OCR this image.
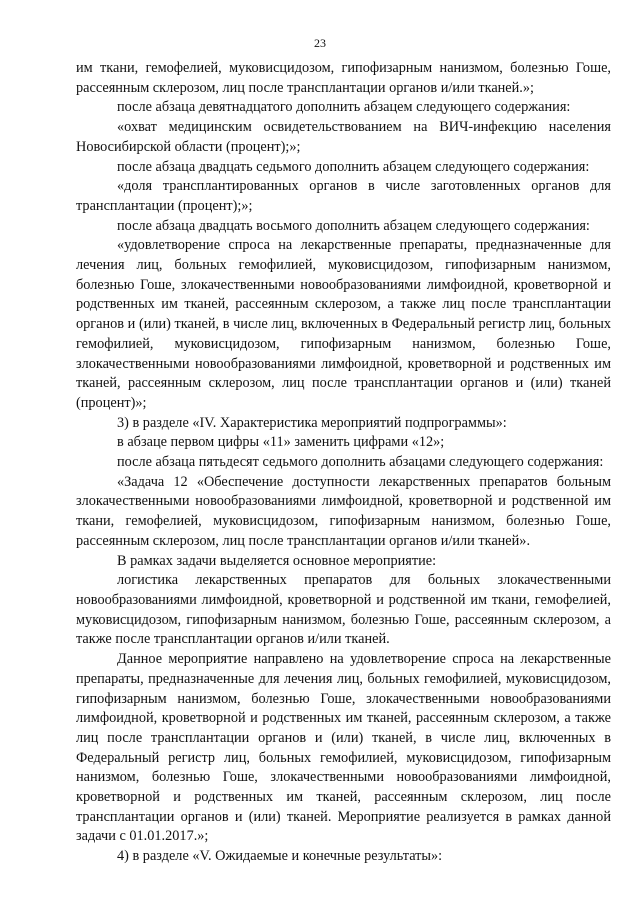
23

им ткани, гемофелией, муковисцидозом, гипофизарным нанизмом, болезнью Гоше, рассеянным склерозом, лиц после трансплантации органов и/или тканей.»;

после абзаца девятнадцатого дополнить абзацем следующего содержания:

«охват медицинским освидетельствованием на ВИЧ-инфекцию населения Новосибирской области (процент);»;

после абзаца двадцать седьмого дополнить абзацем следующего содержания:

«доля трансплантированных органов в числе заготовленных органов для трансплантации (процент);»;

после абзаца двадцать восьмого дополнить абзацем следующего содержания:

«удовлетворение спроса на лекарственные препараты, предназначенные для лечения лиц, больных гемофилией, муковисцидозом, гипофизарным нанизмом, болезнью Гоше, злокачественными новообразованиями лимфоидной, кроветворной и родственных им тканей, рассеянным склерозом, а также лиц после трансплантации органов и (или) тканей, в числе лиц, включенных в Федеральный регистр лиц, больных гемофилией, муковисцидозом, гипофизарным нанизмом, болезнью Гоше, злокачественными новообразованиями лимфоидной, кроветворной и родственных им тканей, рассеянным склерозом, лиц после трансплантации органов и (или) тканей (процент)»;

3) в разделе «IV. Характеристика мероприятий подпрограммы»:

в абзаце первом цифры «11» заменить цифрами «12»;

после абзаца пятьдесят седьмого дополнить абзацами следующего содержания:

«Задача 12 «Обеспечение доступности лекарственных препаратов больным злокачественными новообразованиями лимфоидной, кроветворной и родственной им ткани, гемофелией, муковисцидозом, гипофизарным нанизмом, болезнью Гоше, рассеянным склерозом, лиц после трансплантации органов и/или тканей».

В рамках задачи выделяется основное мероприятие:

логистика лекарственных препаратов для больных злокачественными новообразованиями лимфоидной, кроветворной и родственной им ткани, гемофелией, муковисцидозом, гипофизарным нанизмом, болезнью Гоше, рассеянным склерозом, а также после трансплантации органов и/или тканей.

Данное мероприятие направлено на удовлетворение спроса на лекарственные препараты, предназначенные для лечения лиц, больных гемофилией, муковисцидозом, гипофизарным нанизмом, болезнью Гоше, злокачественными новообразованиями лимфоидной, кроветворной и родственных им тканей, рассеянным склерозом, а также лиц после трансплантации органов и (или) тканей, в числе лиц, включенных в Федеральный регистр лиц, больных гемофилией, муковисцидозом, гипофизарным нанизмом, болезнью Гоше, злокачественными новообразованиями лимфоидной, кроветворной и родственных им тканей, рассеянным склерозом, лиц после трансплантации органов и (или) тканей. Мероприятие реализуется в рамках данной задачи с 01.01.2017.»;

4) в разделе «V. Ожидаемые и конечные результаты»:
